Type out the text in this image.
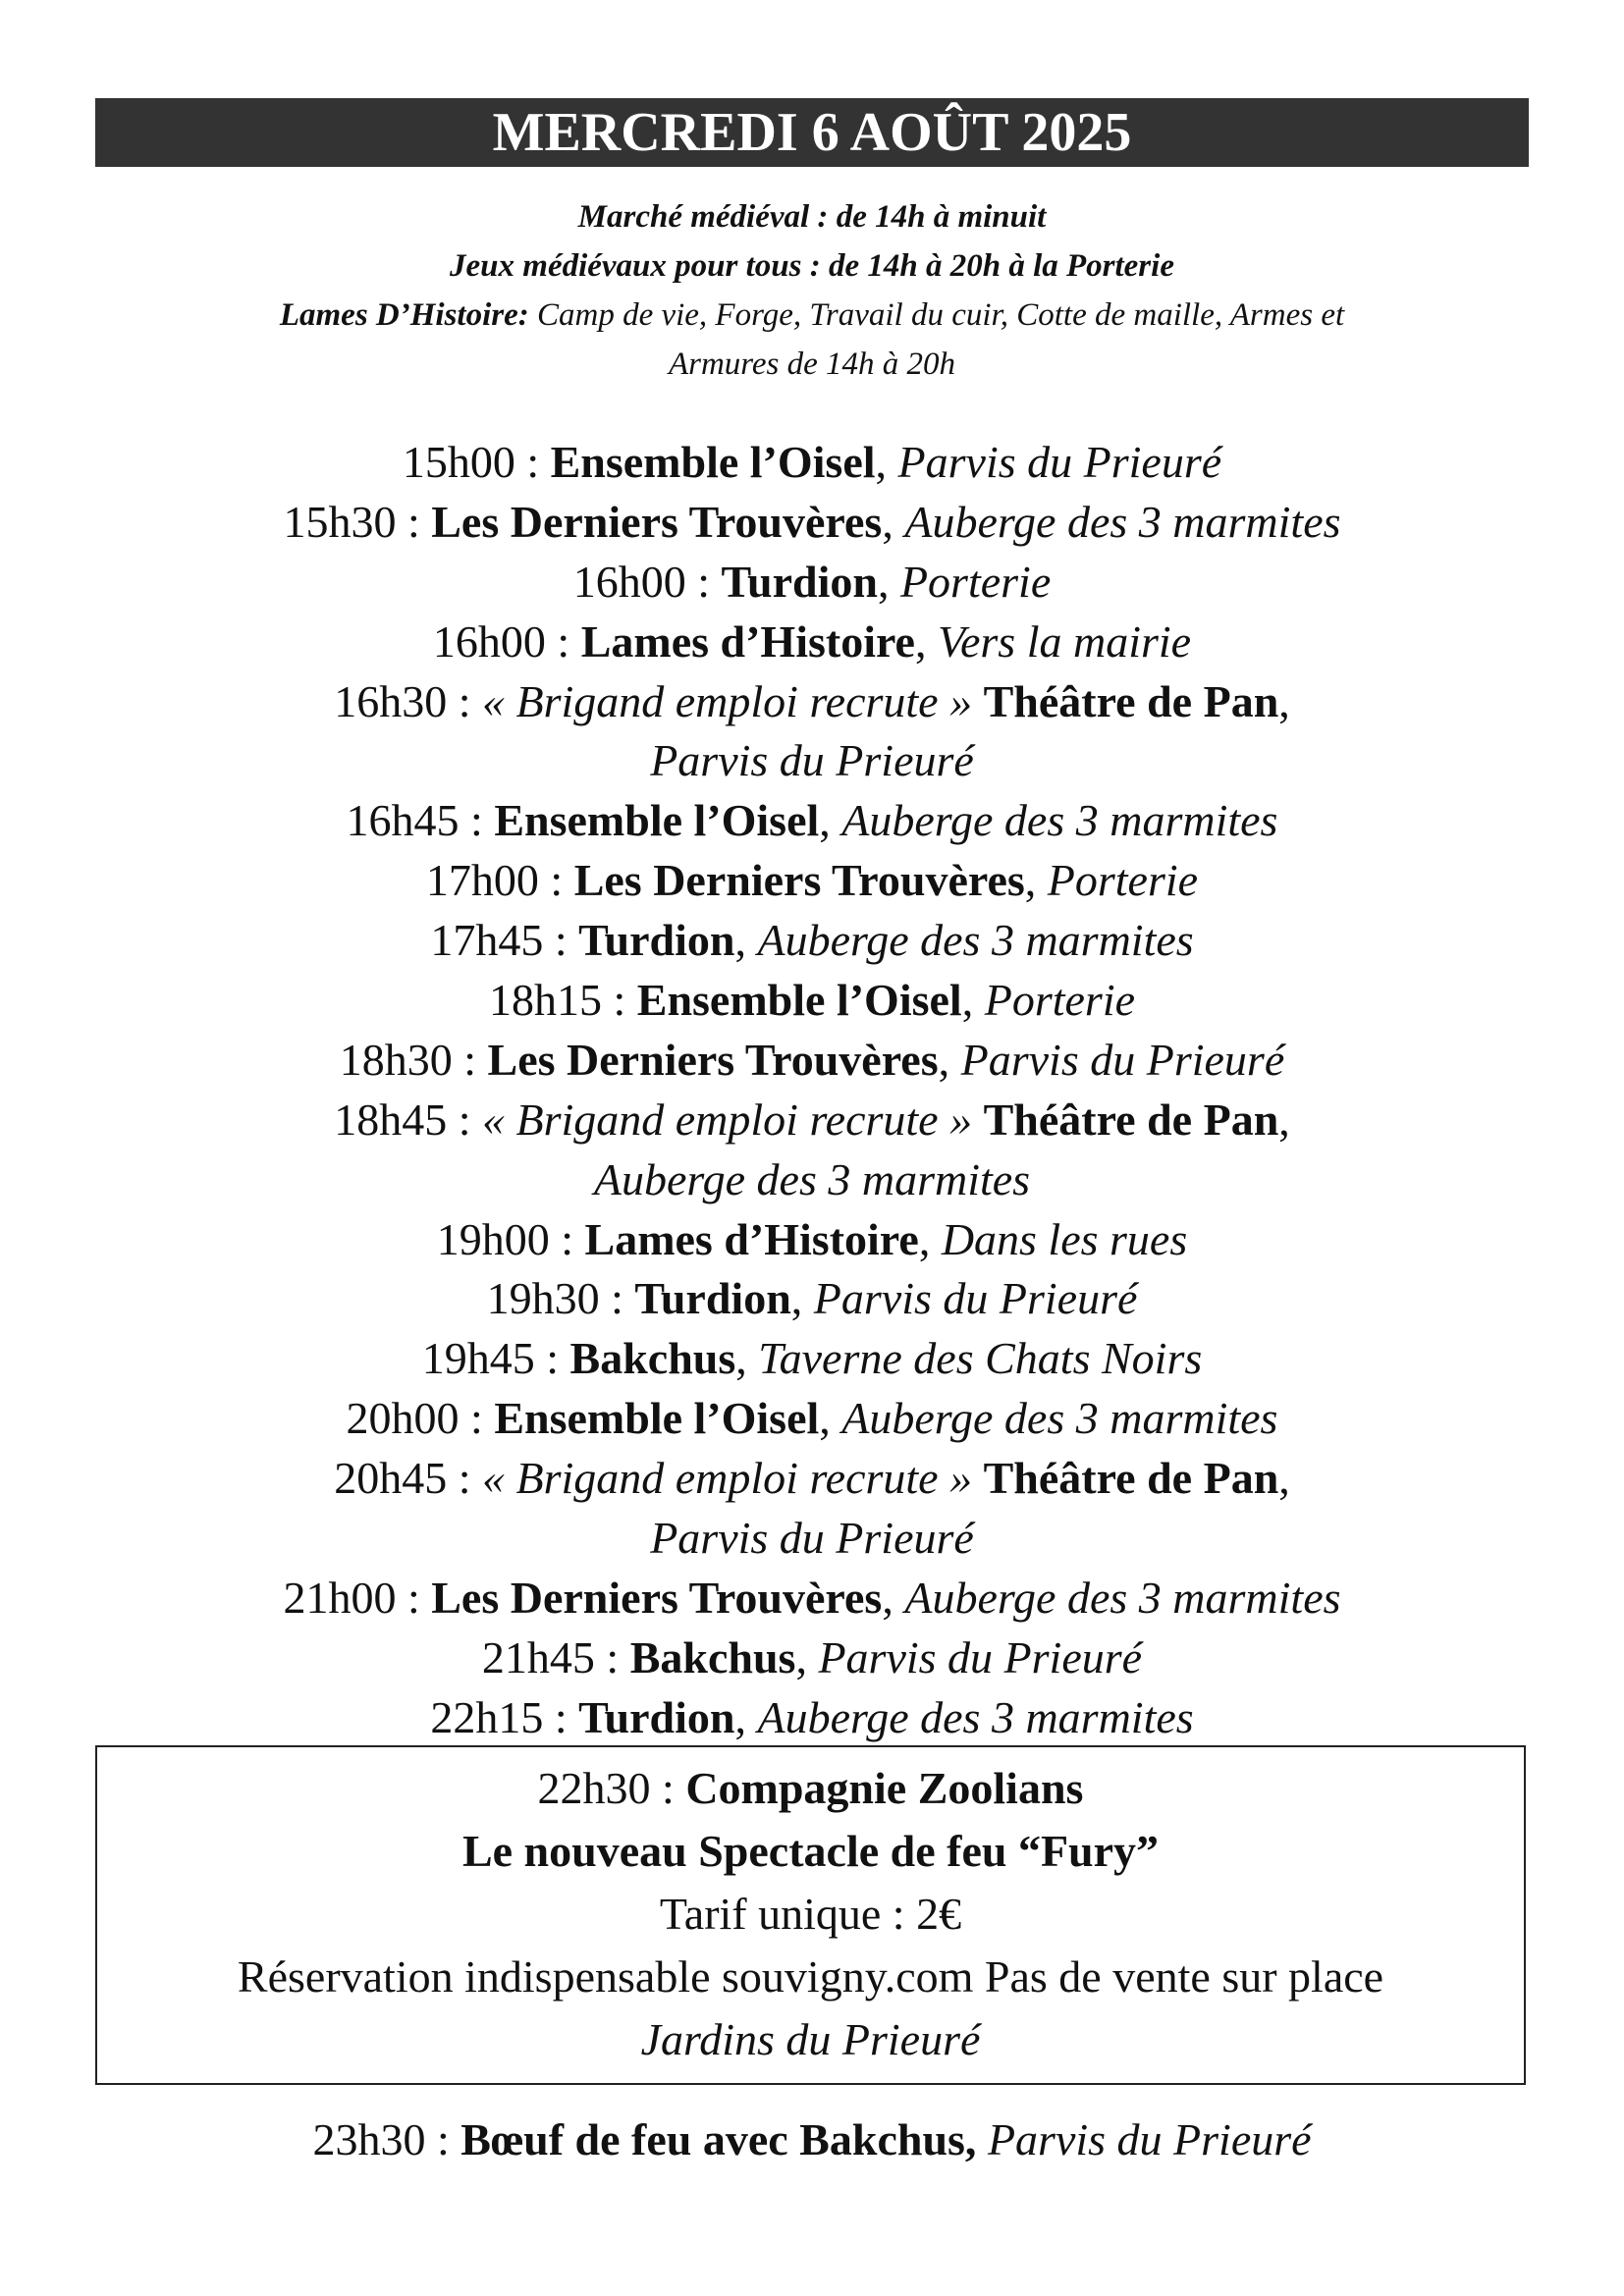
MERCREDI 6 AOÛT 2025
Marché médiéval : de 14h à minuit
Jeux médiévaux pour tous : de 14h à 20h à la Porterie
Lames D’Histoire: Camp de vie, Forge, Travail du cuir, Cotte de maille, Armes et
Armures de 14h à 20h
15h00 : Ensemble l’Oisel, Parvis du Prieuré
15h30 : Les Derniers Trouvères, Auberge des 3 marmites
16h00 : Turdion, Porterie
16h00 : Lames d’Histoire, Vers la mairie
16h30 : « Brigand emploi recrute » Théâtre de Pan,
Parvis du Prieuré
16h45 : Ensemble l’Oisel, Auberge des 3 marmites
17h00 : Les Derniers Trouvères, Porterie
17h45 : Turdion, Auberge des 3 marmites
18h15 : Ensemble l’Oisel, Porterie
18h30 : Les Derniers Trouvères, Parvis du Prieuré
18h45 : « Brigand emploi recrute » Théâtre de Pan,
Auberge des 3 marmites
19h00 : Lames d’Histoire, Dans les rues
19h30 : Turdion, Parvis du Prieuré
19h45 : Bakchus, Taverne des Chats Noirs
20h00 : Ensemble l’Oisel, Auberge des 3 marmites
20h45 : « Brigand emploi recrute » Théâtre de Pan,
Parvis du Prieuré
21h00 : Les Derniers Trouvères, Auberge des 3 marmites
21h45 : Bakchus, Parvis du Prieuré
22h15 : Turdion, Auberge des 3 marmites
22h30 : Compagnie Zoolians
Le nouveau Spectacle de feu “Fury”
Tarif unique : 2€
Réservation indispensable souvigny.com Pas de vente sur place
Jardins du Prieuré
23h30 : Bœuf de feu avec Bakchus, Parvis du Prieuré
